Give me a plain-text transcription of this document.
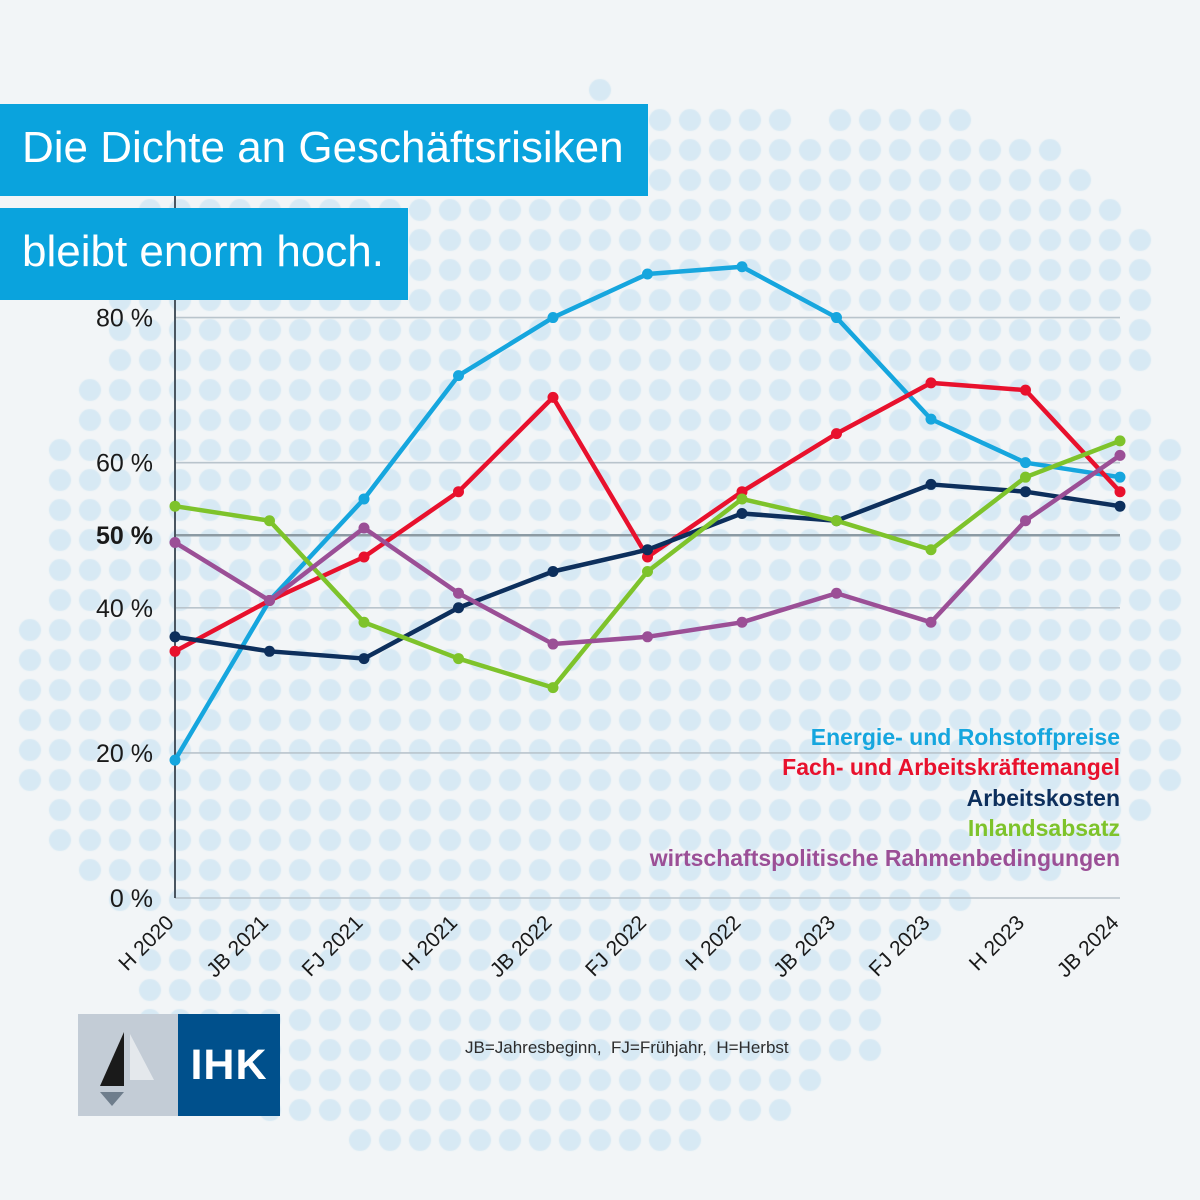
0 %
20 %
40 %
50 %
60 %
80 %
H 2020 JB 2021 FJ 2021 H 2021 JB 2022 FJ 2022 H 2022 JB 2023 FJ 2023 H 2023 JB 2024
Die Dichte an Geschäftsrisiken
bleibt enorm hoch.
Energie- und Rohstoffpreise
Fach- und Arbeitskräftemangel
Arbeitskosten
Inlandsabsatz
wirtschaftspolitische Rahmenbedingungen
JB=Jahresbeginn,  FJ=Frühjahr,  H=Herbst
IHK
